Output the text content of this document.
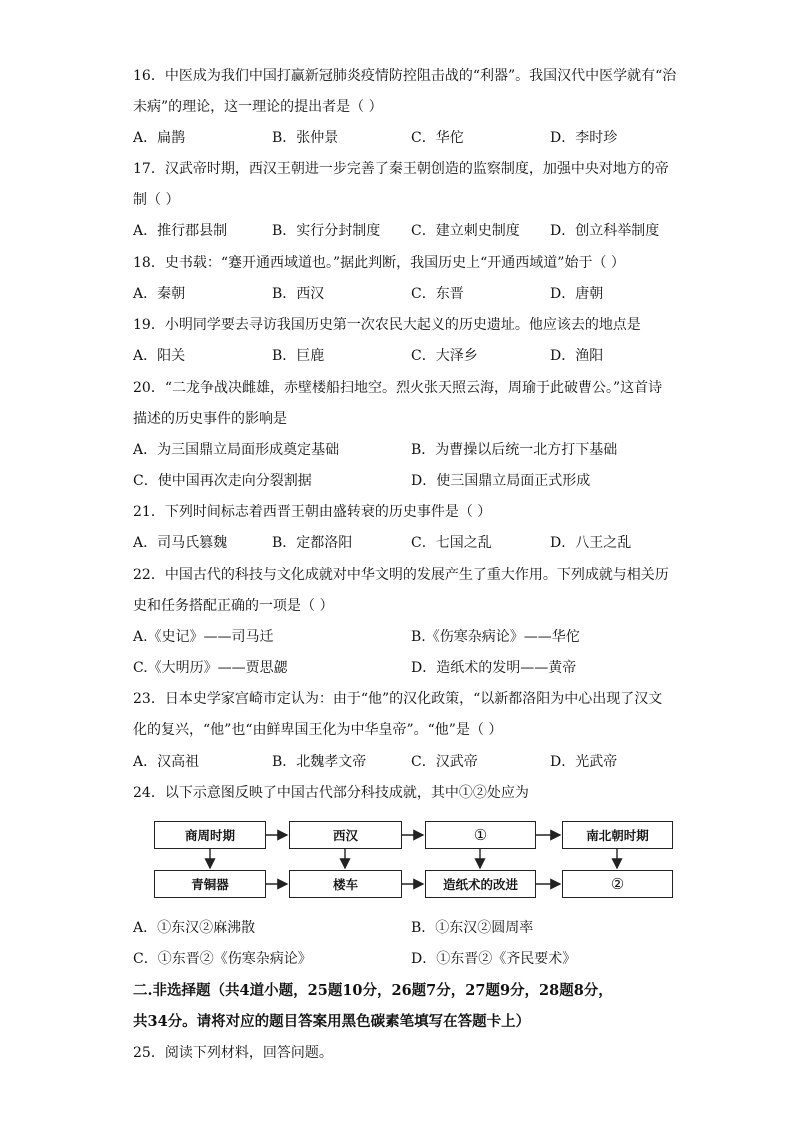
16．中医成为我们中国打赢新冠肺炎疫情防控阻击战的“利器”。我国汉代中医学就有“治
未病”的理论，这一理论的提出者是（ ）
A．扁鹊	B．张仲景	C．华佗	D．李时珍
17．汉武帝时期，西汉王朝进一步完善了秦王朝创造的监察制度，加强中央对地方的帝
制（ ）
A．推行郡县制	B．实行分封制度 C．建立刺史制度 D．创立科举制度
18．史书载：“蹇开通西域道也。”据此判断，我国历史上“开通西域道”始于（ ）
A．秦朝	B．西汉	C．东晋	D．唐朝
19．小明同学要去寻访我国历史第一次农民大起义的历史遗址。他应该去的地点是
A．阳关	B．巨鹿	C．大泽乡	D．渔阳
20．“二龙争战决雌雄，赤壁楼船扫地空。烈火张天照云海，周瑜于此破曹公。”这首诗
描述的历史事件的影响是
A．为三国鼎立局面形成奠定基础	B．为曹操以后统一北方打下基础
C．使中国再次走向分裂割据	D．使三国鼎立局面正式形成
21．下列时间标志着西晋王朝由盛转衰的历史事件是（ ）
A．司马氏篡魏	B．定都洛阳	C．七国之乱	D．八王之乱
22．中国古代的科技与文化成就对中华文明的发展产生了重大作用。下列成就与相关历
史和任务搭配正确的一项是（ ）
A.《史记》——司马迁	B.《伤寒杂病论》——华佗
C.《大明历》——贾思勰	D．造纸术的发明——黄帝
23．日本史学家宫崎市定认为：由于“他”的汉化政策，“以新都洛阳为中心出现了汉文
化的复兴，“他”也“由鲜卑国王化为中华皇帝”。“他”是（ ）
A．汉高祖	B．北魏孝文帝	C．汉武帝	D．光武帝
24．以下示意图反映了中国古代部分科技成就，其中①②处应为
商周时期	西汉	①	南北朝时期
青铜器	楼车	造纸术的改进	②
A．①东汉②麻沸散	B．①东汉②圆周率
C．①东晋②《伤寒杂病论》	D．①东晋②《齐民要术》
二.非选择题（共4道小题，25题10分，26题7分，27题9分，28题8分，
共34分。请将对应的题目答案用黑色碳素笔填写在答题卡上）
25．阅读下列材料，回答问题。
